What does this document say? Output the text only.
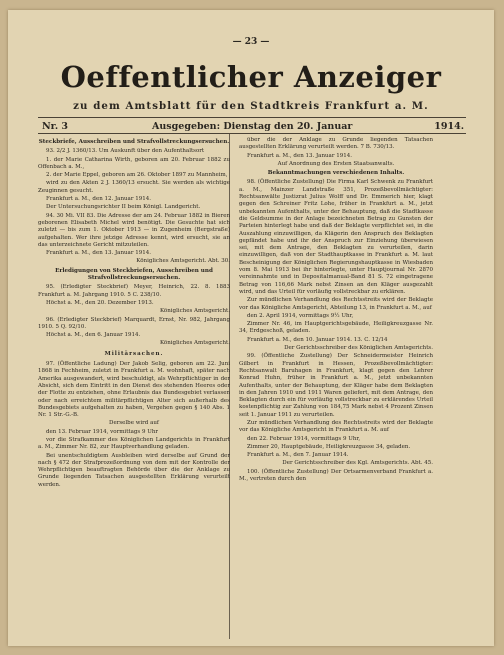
— 23 —
Oeffentlicher Anzeiger
zu dem Amtsblatt für den Stadtkreis Frankfurt a. M.
Nr. 3	Ausgegeben: Dienstag den 20. Januar	1914.

Steckbriefe, Ausschreiben und Strafvollstreckungsersuchen.

93. 2/2 J. 1360/13. Um Auskunft über den Aufenthaltsort

1. der Marie Catharina Wirth, geboren am 20. Februar 1882 zu Offenbach a. M.,

2. der Marie Eppel, geboren am 26. Oktober 1897 zu Mannheim,

wird zu den Akten 2 J. 1360/13 ersucht. Sie werden als wichtige Zeuginnen gesucht.

Frankfurt a. M., den 12. Januar 1914.

Der Untersuchungsrichter II beim Königl. Landgericht.

94. 30 Mi. VII 83. Die Adresse der am 24. Februar 1882 in Bieren geborenen Elisabeth Michel wird benötigt. Die Gesuchte hat sich zuletzt — bis zum 1. Oktober 1913 — in Zugenheim (Bergstraße) aufgehalten. Wer ihre jetzige Adresse kennt, wird ersucht, sie an das unterzeichnete Gericht mitzuteilen.

Frankfurt a. M., den 13. Januar 1914.

Königliches Amtsgericht. Abt. 30.

Erledigungen von Steckbriefen, Ausschreiben und Strafvollstreckungsersuchen.

95. (Erledigter Steckbrief) Meyer, Heinrich, 22. 8. 1883 Frankfurt a. M. Jahrgang 1910. 5 C. 238/10.

Höchst a. M., den 20. Dezember 1913.

Königliches Amtsgericht.

96. (Erledigter Steckbrief) Marquardt, Ernst, Nr. 982, Jahrgang 1910. 5 Q. 92/10.

Höchst a. M., den 6. Januar 1914.

Königliches Amtsgericht.

Militärsachen.

97. (Öffentliche Ladung) Der Jakob Selig, geboren am 22. Juni 1868 in Fechheim, zuletzt in Frankfurt a. M. wohnhaft, später nach Amerika ausgewandert, wird beschuldigt, als Wehrpflichtiger in der Absicht, sich dem Eintritt in den Dienst des stehenden Heeres oder der Flotte zu entziehen, ohne Erlaubnis das Bundesgebiet verlassen oder nach erreichtem militärpflichtigen Alter sich außerhalb des Bundesgebiets aufgehalten zu haben, Vergehen gegen § 140 Abs. 1 Nr. 1 Str.-G.-B.

Derselbe wird auf

den 13. Februar 1914, vormittags 9 Uhr

vor die Strafkammer des Königlichen Landgerichts in Frankfurt a. M., Zimmer Nr. 82, zur Hauptverhandlung geladen.

Bei unentschuldigtem Ausbleiben wird derselbe auf Grund der nach § 472 der Strafprozeßordnung von dem mit der Kontrolle der Wehrpflichtigen beauftragten Behörde über die der Anklage zu Grunde liegenden Tatsachen ausgestellten Erklärung verurteilt werden.

über die der Anklage zu Grunde liegenden Tatsachen ausgestellten Erklärung verurteilt werden. 7 B. 730/13.

Frankfurt a. M., den 13. Januar 1914.

Auf Anordnung des Ersten Staatsanwalts.

Bekanntmachungen verschiedenen Inhalts.

98. (Öffentliche Zustellung) Die Firma Karl Schwenk zu Frankfurt a. M., Mainzer Landstraße 351, Prozeßbevollmächtigter: Rechtsanwälte Justizrat Julius Wolff und Dr. Emmerich hier, klagt gegen den Schreiner Fritz Lohe, früher in Frankfurt a. M., jetzt unbekannten Aufenthalts, unter der Behauptung, daß die Stadtkasse die Geldsumme in der Anlage bezeichneten Betrag zu Gunsten der Parteien hinterlegt habe und daß der Beklagte verpflichtet sei, in die Auszahlung einzuwilligen, da Klägerin den Anspruch des Beklagten gepfändet habe und ihr der Anspruch zur Einziehung überwiesen sei, mit dem Antrage, den Beklagten zu verurteilen, darin einzuwilligen, daß von der Stadthauptkasse in Frankfurt a. M. laut Bescheinigung der Königlichen Regierungshauptkasse in Wiesbaden vom 8. Mai 1913 bei ihr hinterlegte, unter Hauptjournal Nr. 2870 vereinnahmte und in Depositalmanual-Band 81 S. 72 eingetragene Betrag von 116,66 Mark nebst Zinsen an den Kläger ausgezahlt wird, und das Urteil für vorläufig vollstreckbar zu erklären.

Zur mündlichen Verhandlung des Rechtsstreits wird der Beklagte vor das Königliche Amtsgericht, Abteilung 13, in Frankfurt a. M., auf

den 2. April 1914, vormittags 9½ Uhr,

Zimmer Nr. 46, im Hauptgerichtsgebäude, Heiligkreuzgasse Nr. 34, Erdgeschoß, geladen.

Frankfurt a. M., den 10. Januar 1914. 13. C. 12/14

Der Gerichtsschreiber des Königlichen Amtsgerichts.

99. (Öffentliche Zustellung) Der Schneidermeister Heinrich Gilbert in Frankfurt in Hessen, Prozeßbevollmächtigter: Rechtsanwalt Baruhagen in Frankfurt, klagt gegen den Lehrer Konrad Huhn, früher in Frankfurt a. M., jetzt unbekannten Aufenthalts, unter der Behauptung, der Kläger habe dem Beklagten in den Jahren 1910 und 1911 Waren geliefert, mit dem Antrage, den Beklagten durch ein für vorläufig vollstreckbar zu erklärendes Urteil kostenpflichtig zur Zahlung von 184,75 Mark nebst 4 Prozent Zinsen seit 1. Januar 1911 zu verurteilen.

Zur mündlichen Verhandlung des Rechtsstreits wird der Beklagte vor das Königliche Amtsgericht in Frankfurt a. M. auf

den 22. Februar 1914, vormittags 9 Uhr,

Zimmer 20, Hauptgebäude, Heiligkreuzgasse 34, geladen.

Frankfurt a. M., den 7. Januar 1914.

Der Gerichtsschreiber des Kgl. Amtsgerichts. Abt. 45.

100. (Öffentliche Zustellung) Der Ortsarmenverband Frankfurt a. M., vertreten durch den
